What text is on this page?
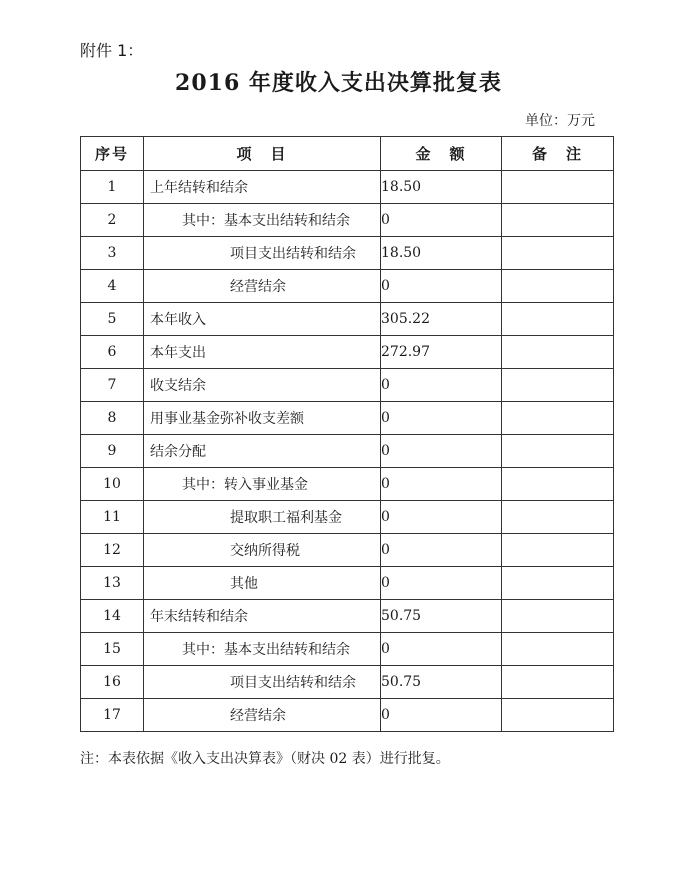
附件 1：
2016 年度收入支出决算批复表
单位：万元
序号	项　目	金　额	备　注
1	上年结转和结余	18.50	
2	其中：基本支出结转和结余	0	
3	项目支出结转和结余	18.50	
4	经营结余	0	
5	本年收入	305.22	
6	本年支出	272.97	
7	收支结余	0	
8	用事业基金弥补收支差额	0	
9	结余分配	0	
10	其中：转入事业基金	0	
11	提取职工福利基金	0	
12	交纳所得税	0	
13	其他	0	
14	年末结转和结余	50.75	
15	其中：基本支出结转和结余	0	
16	项目支出结转和结余	50.75	
17	经营结余	0	
注：本表依据《收入支出决算表》（财决 02 表）进行批复。
